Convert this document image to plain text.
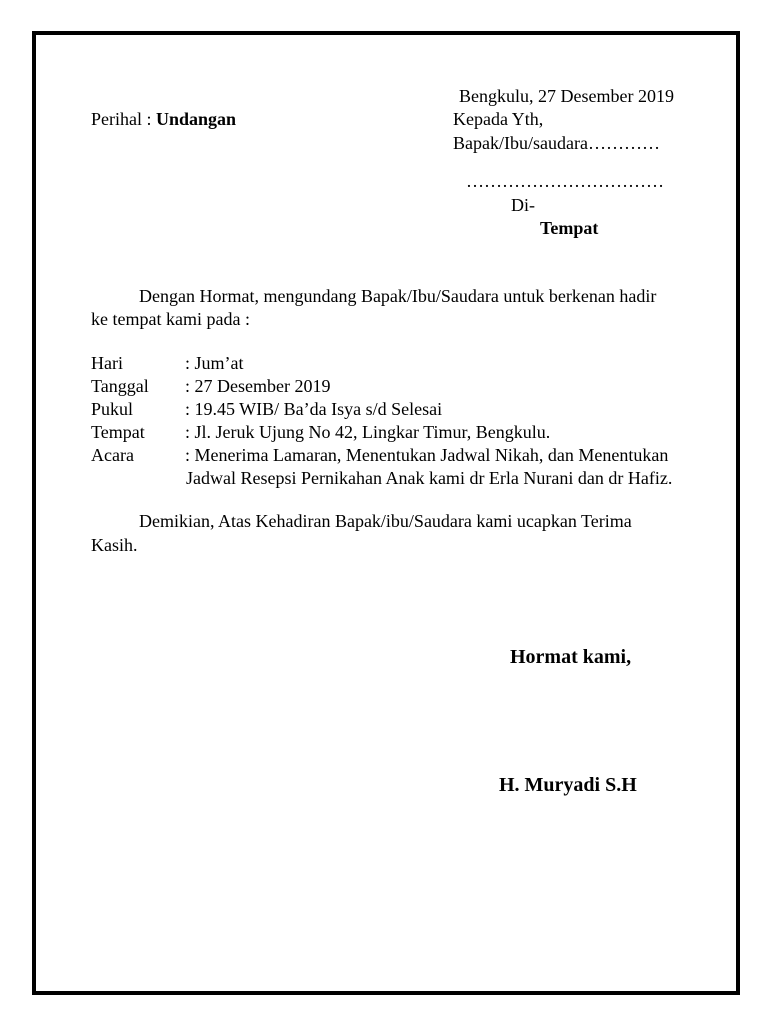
Bengkulu, 27 Desember 2019
Perihal : Undangan	Kepada Yth,
Bapak/Ibu/saudara…………
……………………………
Di-
Tempat
Dengan Hormat, mengundang Bapak/Ibu/Saudara untuk berkenan hadir
ke tempat kami pada :
Hari	: Jum’at
Tanggal : 27 Desember 2019
Pukul	: 19.45 WIB/ Ba’da Isya s/d Selesai
Tempat : Jl. Jeruk Ujung No 42, Lingkar Timur, Bengkulu.
Acara	: Menerima Lamaran, Menentukan Jadwal Nikah, dan Menentukan
Jadwal Resepsi Pernikahan Anak kami dr Erla Nurani dan dr Hafiz.
Demikian, Atas Kehadiran Bapak/ibu/Saudara kami ucapkan Terima
Kasih.
Hormat kami,
H. Muryadi S.H
